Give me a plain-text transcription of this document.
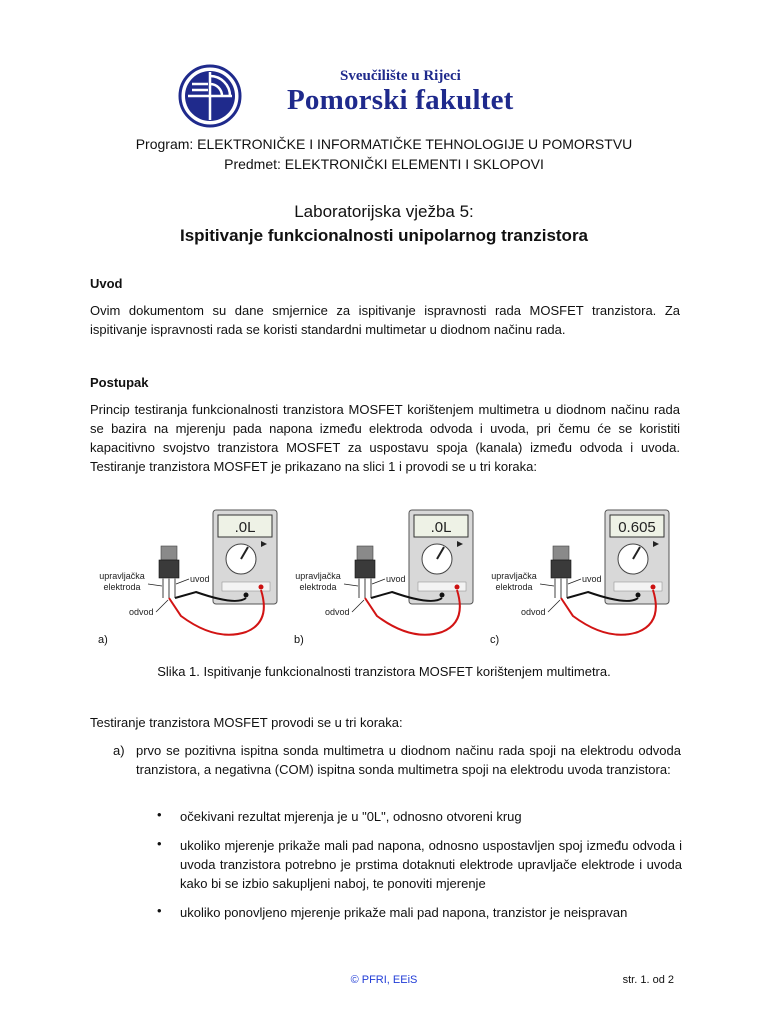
Sveučilište u Rijeci
Pomorski fakultet
Program: ELEKTRONIČKE I INFORMATIČKE TEHNOLOGIJE U POMORSTVU
Predmet: ELEKTRONIČKI ELEMENTI I SKLOPOVI
Laboratorijska vježba 5:
Ispitivanje funkcionalnosti unipolarnog tranzistora
Uvod
Ovim dokumentom su dane smjernice za ispitivanje ispravnosti rada MOSFET tranzistora. Za ispitivanje ispravnosti rada se koristi standardni multimetar u diodnom načinu rada.
Postupak
Princip testiranja funkcionalnosti tranzistora MOSFET korištenjem multimetra u diodnom načinu rada se bazira na mjerenju pada napona između elektroda odvoda i uvoda, pri čemu će se koristiti kapacitivno svojstvo tranzistora MOSFET za uspostavu spoja (kanala) između odvoda i uvoda. Testiranje tranzistora MOSFET je prikazano na slici 1 i provodi se u tri koraka:
.0L
upravljačka
elektroda
uvod
odvod
a)
.0L
upravljačka
elektroda
uvod
odvod
b)
0.605
upravljačka
elektroda
uvod
odvod
c)
Slika 1. Ispitivanje funkcionalnosti tranzistora MOSFET korištenjem multimetra.
Testiranje tranzistora MOSFET provodi se u tri koraka:
a) prvo se pozitivna ispitna sonda multimetra u diodnom načinu rada spoji na elektrodu odvoda tranzistora, a negativna (COM) ispitna sonda multimetra spoji na elektrodu uvoda tranzistora:
• očekivani rezultat mjerenja je u "0L", odnosno otvoreni krug
• ukoliko mjerenje prikaže mali pad napona, odnosno uspostavljen spoj između odvoda i uvoda tranzistora potrebno je prstima dotaknuti elektrode upravljače elektrode i uvoda kako bi se izbio sakupljeni naboj, te ponoviti mjerenje
• ukoliko ponovljeno mjerenje prikaže mali pad napona, tranzistor je neispravan
© PFRI, EEiS	str. 1. od 2
